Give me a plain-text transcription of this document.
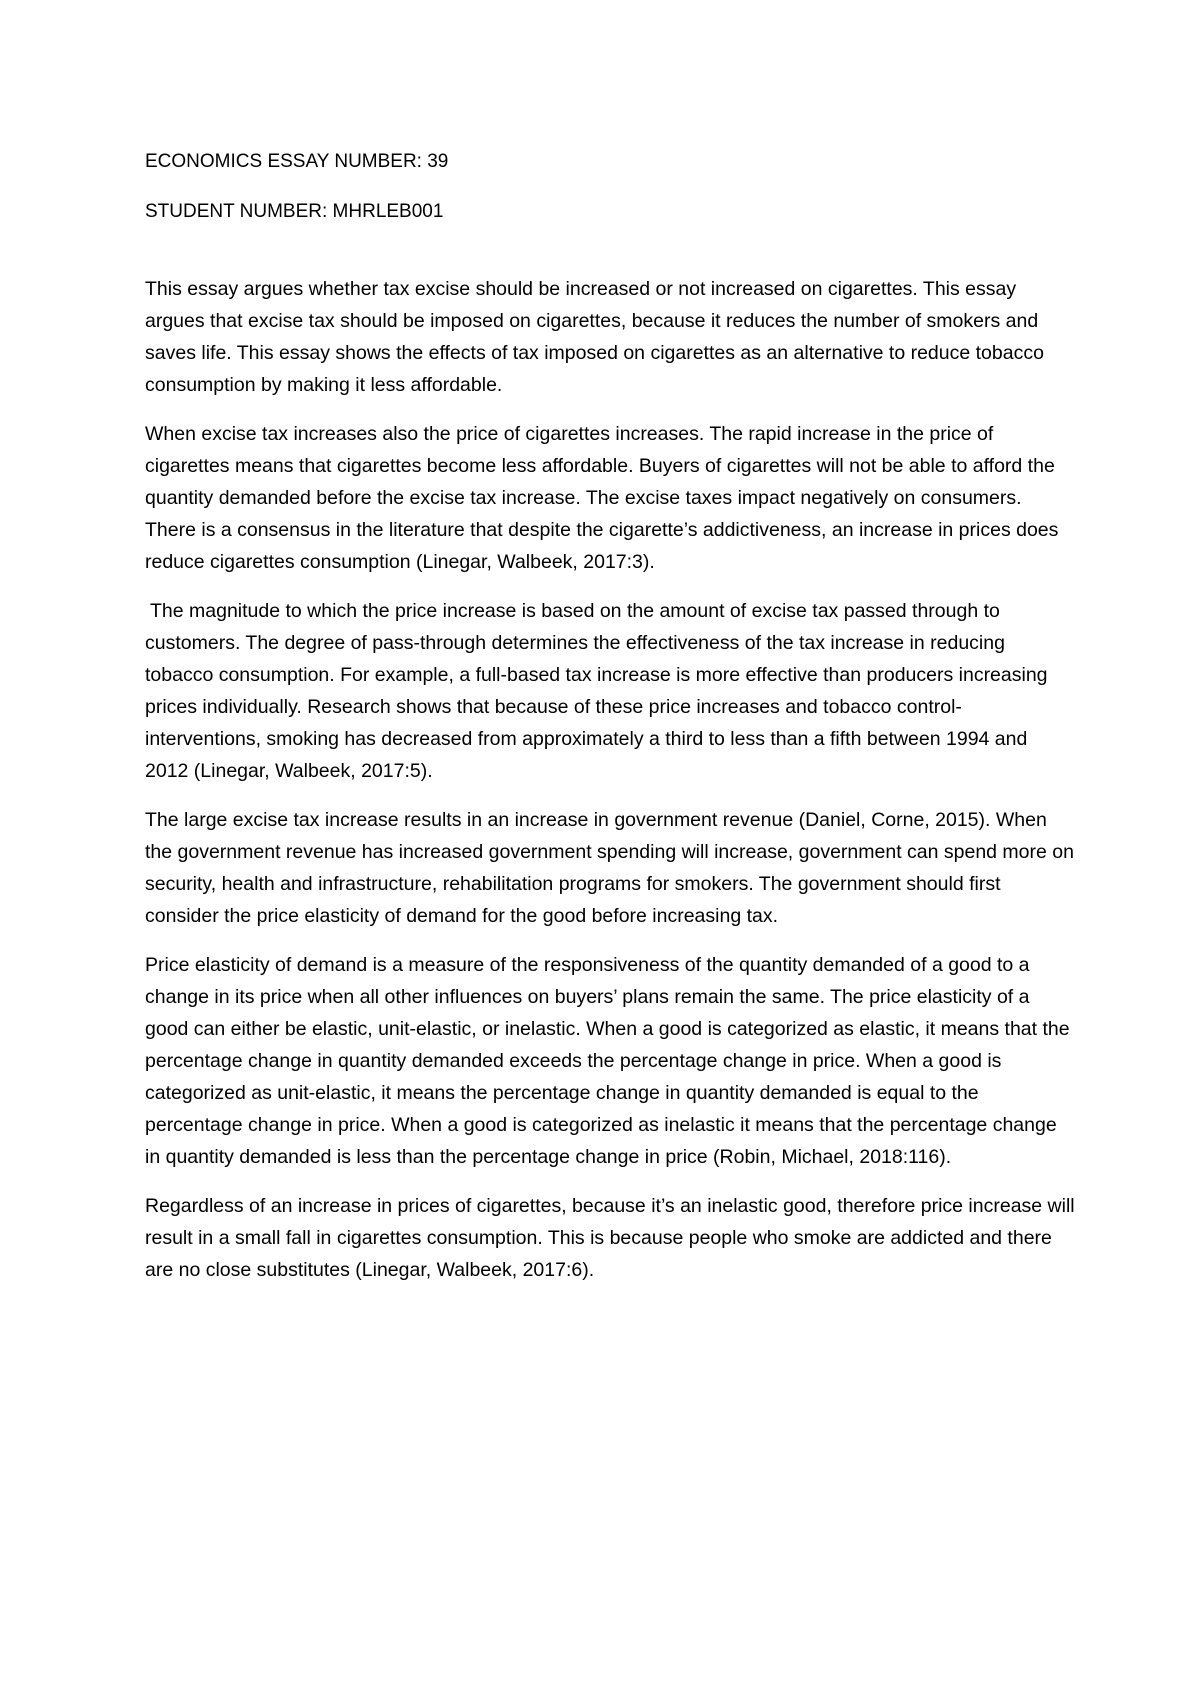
ECONOMICS ESSAY NUMBER: 39

STUDENT NUMBER: MHRLEB001

This essay argues whether tax excise should be increased or not increased on cigarettes. This essay argues that excise tax should be imposed on cigarettes, because it reduces the number of smokers and saves life. This essay shows the effects of tax imposed on cigarettes as an alternative to reduce tobacco consumption by making it less affordable.

When excise tax increases also the price of cigarettes increases. The rapid increase in the price of cigarettes means that cigarettes become less affordable. Buyers of cigarettes will not be able to afford the quantity demanded before the excise tax increase. The excise taxes impact negatively on consumers. There is a consensus in the literature that despite the cigarette’s addictiveness, an increase in prices does reduce cigarettes consumption (Linegar, Walbeek, 2017:3).

The magnitude to which the price increase is based on the amount of excise tax passed through to customers. The degree of pass-through determines the effectiveness of the tax increase in reducing tobacco consumption. For example, a full-based tax increase is more effective than producers increasing prices individually. Research shows that because of these price increases and tobacco control- interventions, smoking has decreased from approximately a third to less than a fifth between 1994 and 2012 (Linegar, Walbeek, 2017:5).

The large excise tax increase results in an increase in government revenue (Daniel, Corne, 2015). When the government revenue has increased government spending will increase, government can spend more on security, health and infrastructure, rehabilitation programs for smokers. The government should first consider the price elasticity of demand for the good before increasing tax.

Price elasticity of demand is a measure of the responsiveness of the quantity demanded of a good to a change in its price when all other influences on buyers’ plans remain the same. The price elasticity of a good can either be elastic, unit-elastic, or inelastic. When a good is categorized as elastic, it means that the percentage change in quantity demanded exceeds the percentage change in price. When a good is categorized as unit-elastic, it means the percentage change in quantity demanded is equal to the percentage change in price. When a good is categorized as inelastic it means that the percentage change in quantity demanded is less than the percentage change in price (Robin, Michael, 2018:116).

Regardless of an increase in prices of cigarettes, because it’s an inelastic good, therefore price increase will result in a small fall in cigarettes consumption. This is because people who smoke are addicted and there are no close substitutes (Linegar, Walbeek, 2017:6).
